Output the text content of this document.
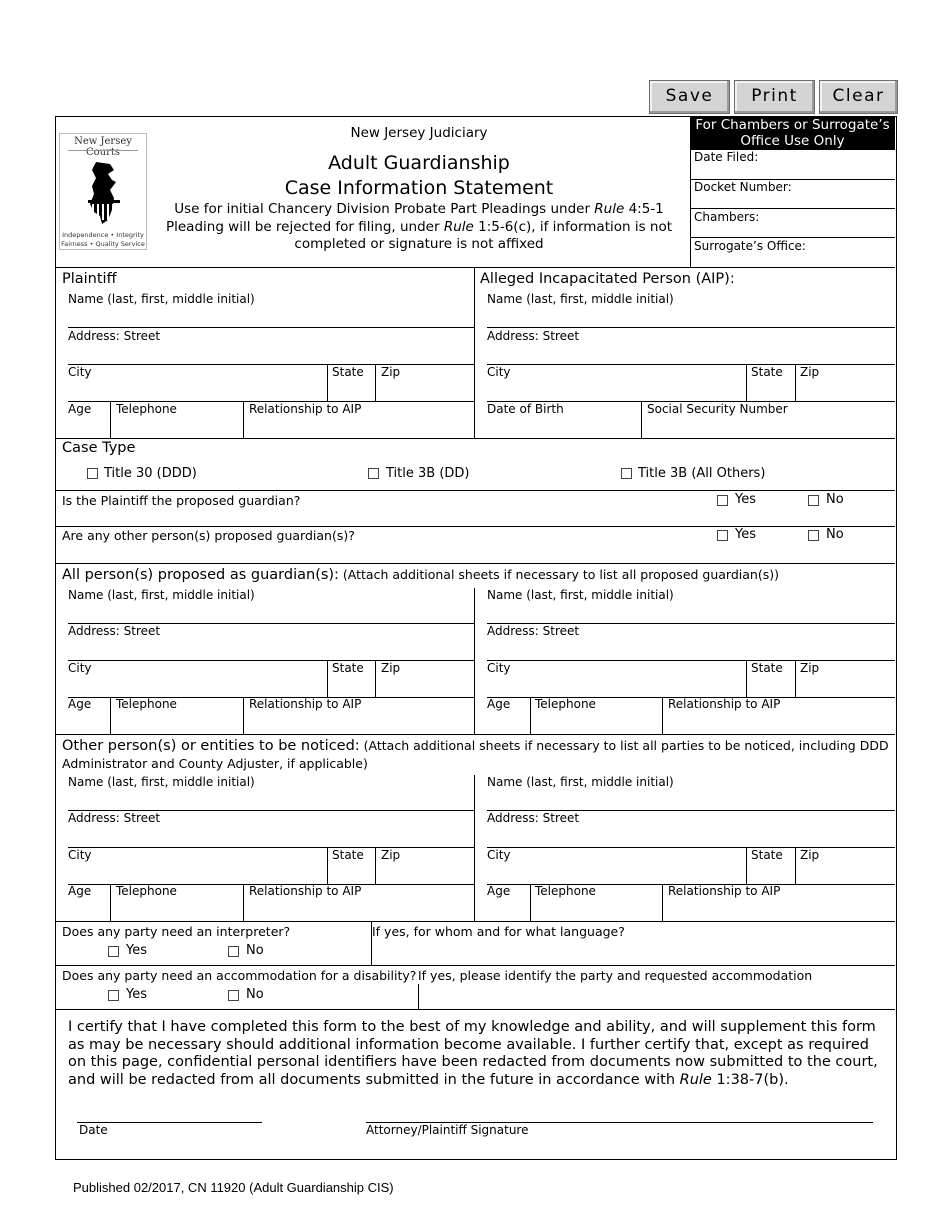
Save	Print	Clear
New Jersey Courts
Independence • Integrity
Fairness • Quality Service
New Jersey Judiciary
Adult Guardianship
Case Information Statement
Use for initial Chancery Division Probate Part Pleadings under Rule 4:5-1
Pleading will be rejected for filing, under Rule 1:5-6(c), if information is not
completed or signature is not affixed
For Chambers or Surrogate’s Office Use Only
Date Filed:
Docket Number:
Chambers:
Surrogate’s Office:
Plaintiff
Name (last, first, middle initial)
Address: Street
City	State Zip
Age Telephone	Relationship to AIP
Alleged Incapacitated Person (AIP):
Name (last, first, middle initial)
Address: Street
City	State Zip
Date of Birth	Social Security Number
Case Type
Title 30 (DDD)	Title 3B (DD)	Title 3B (All Others)
Is the Plaintiff the proposed guardian?	Yes	No
Are any other person(s) proposed guardian(s)?	Yes	No
All person(s) proposed as guardian(s): (Attach additional sheets if necessary to list all proposed guardian(s))
Name (last, first, middle initial)
Address: Street
City	State Zip
Age Telephone	Relationship to AIP
Name (last, first, middle initial)
Address: Street
City	State Zip
Age Telephone	Relationship to AIP
Other person(s) or entities to be noticed: (Attach additional sheets if necessary to list all parties to be noticed, including DDD
Administrator and County Adjuster, if applicable)
Name (last, first, middle initial)
Address: Street
City	State Zip
Age Telephone	Relationship to AIP
Name (last, first, middle initial)
Address: Street
City	State Zip
Age Telephone	Relationship to AIP
Does any party need an interpreter?
Yes	No
If yes, for whom and for what language?
Does any party need an accommodation for a disability?
Yes	No
If yes, please identify the party and requested accommodation
I certify that I have completed this form to the best of my knowledge and ability, and will supplement this form as may be necessary should additional information become available. I further certify that, except as required on this page, confidential personal identifiers have been redacted from documents now submitted to the court, and will be redacted from all documents submitted in the future in accordance with Rule 1:38-7(b).
Date	Attorney/Plaintiff Signature
Published 02/2017, CN 11920 (Adult Guardianship CIS)
